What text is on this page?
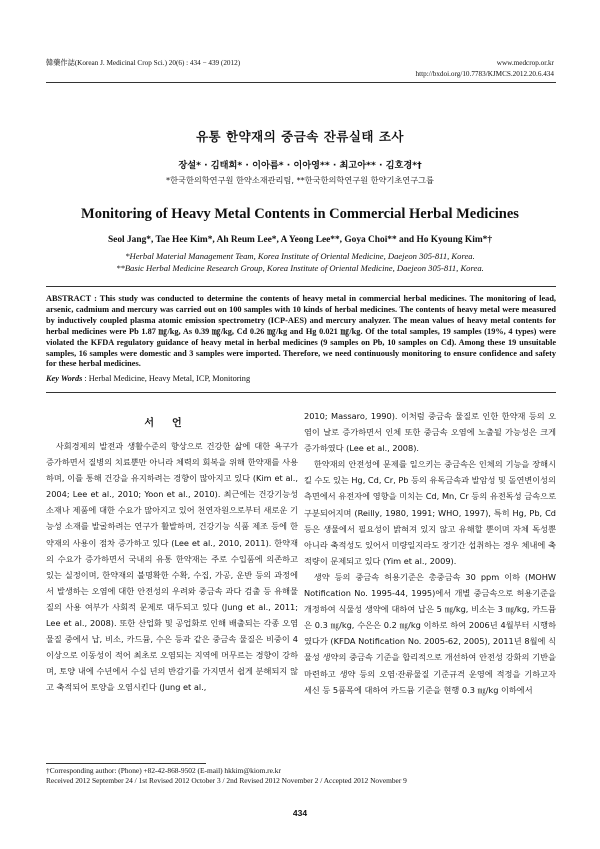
韓藥作誌(Korean J. Medicinal Crop Sci.) 20(6) : 434 − 439 (2012)	www.medcrop.or.kr
http://bxdoi.org/10.7783/KJMCS.2012.20.6.434
유통 한약재의 중금속 잔류실태 조사
장설* · 김태희* · 이아름* · 이아영** · 최고아** · 김호경*†
*한국한의학연구원 한약소재관리팀, **한국한의학연구원 한약기초연구그룹
Monitoring of Heavy Metal Contents in Commercial Herbal Medicines
Seol Jang*, Tae Hee Kim*, Ah Reum Lee*, A Yeong Lee**, Goya Choi** and Ho Kyoung Kim*†
*Herbal Material Management Team, Korea Institute of Oriental Medicine, Daejeon 305-811, Korea.
**Basic Herbal Medicine Research Group, Korea Institute of Oriental Medicine, Daejeon 305-811, Korea.
ABSTRACT : This study was conducted to determine the contents of heavy metal in commercial herbal medicines. The monitoring of lead, arsenic, cadmium and mercury was carried out on 100 samples with 10 kinds of herbal medicines. The contents of heavy metal were measured by inductively coupled plasma atomic emission spectrometry (ICP-AES) and mercury analyzer. The mean values of heavy metal contents for herbal medicines were Pb 1.87 ㎎/kg, As 0.39 ㎎/kg, Cd 0.26 ㎎/kg and Hg 0.021 ㎎/kg. Of the total samples, 19 samples (19%, 4 types) were violated the KFDA regulatory guidance of heavy metal in herbal medicines (9 samples on Pb, 10 samples on Cd). Among these 19 unsuitable samples, 16 samples were domestic and 3 samples were imported. Therefore, we need continuously monitoring to ensure confidence and safety for these herbal medicines.
Key Words : Herbal Medicine, Heavy Metal, ICP, Monitoring
서언

사회경제의 발전과 생활수준의 향상으로 건강한 삶에 대한 욕구가 증가하면서 질병의 치료뿐만 아니라 체력의 회복을 위해 한약재를 사용하며, 이를 통해 건강을 유지하려는 경향이 많아지고 있다 (Kim et al., 2004; Lee et al., 2010; Yoon et al., 2010). 최근에는 건강기능성 소재나 제품에 대한 수요가 많아지고 있어 천연자원으로부터 새로운 기능성 소재를 발굴하려는 연구가 활발하며, 건강기능 식품 제조 등에 한약재의 사용이 점차 증가하고 있다 (Lee et al., 2010, 2011). 한약재의 수요가 증가하면서 국내의 유통 한약재는 주로 수입품에 의존하고 있는 실정이며, 한약재의 불명확한 수확, 수집, 가공, 운반 등의 과정에서 발생하는 오염에 대한 안전성의 우려와 중금속 과다 검출 등 유해물질의 사용 여부가 사회적 문제로 대두되고 있다 (Jung et al., 2011; Lee et al., 2008). 또한 산업화 및 공업화로 인해 배출되는 각종 오염물질 중에서 납, 비소, 카드뮴, 수은 등과 같은 중금속 물질은 비중이 4이상으로 이동성이 적어 최초로 오염되는 지역에 머무르는 경향이 강하며, 토양 내에 수년에서 수십 년의 반감기를 가지면서 쉽게 분해되지 않고 축적되어 토양을 오염시킨다 (Jung et al.,

2010; Massaro, 1990). 이처럼 중금속 물질로 인한 한약재 등의 오염이 날로 증가하면서 인체 또한 중금속 오염에 노출될 가능성은 크게 증가하였다 (Lee et al., 2008).

한약재의 안전성에 문제를 일으키는 중금속은 인체의 기능을 장해시킬 수도 있는 Hg, Cd, Cr, Pb 등의 유독금속과 발암성 및 돌연변이성의 측면에서 유전자에 영향을 미치는 Cd, Mn, Cr 등의 유전독성 금속으로 구분되어지며 (Reilly, 1980, 1991; WHO, 1997), 특히 Hg, Pb, Cd 등은 생물에서 필요성이 밝혀져 있지 않고 유해할 뿐이며 자체 독성뿐 아니라 축적성도 있어서 미량일지라도 장기간 섭취하는 경우 체내에 축적량이 문제되고 있다 (Yim et al., 2009).

생약 등의 중금속 허용기준은 총중금속 30 ppm 이하 (MOHW Notification No. 1995-44, 1995)에서 개별 중금속으로 허용기준을 개정하여 식물성 생약에 대하여 납은 5 ㎎/kg, 비소는 3 ㎎/kg, 카드뮴은 0.3 ㎎/kg, 수은은 0.2 ㎎/kg 이하로 하여 2006년 4월부터 시행하였다가 (KFDA Notification No. 2005-62, 2005), 2011년 8월에 식물성 생약의 중금속 기준을 합리적으로 개선하여 안전성 강화의 기반을 마련하고 생약 등의 오염·잔류물질 기준규격 운영에 적정을 기하고자 세신 등 5품목에 대하여 카드뮴 기준을 현행 0.3 ㎎/kg 이하에서

†Corresponding author: (Phone) +82-42-868-9502 (E-mail) hkkim@kiom.re.kr
Received 2012 September 24 / 1st Revised 2012 October 3 / 2nd Revised 2012 November 2 / Accepted 2012 November 9
434
